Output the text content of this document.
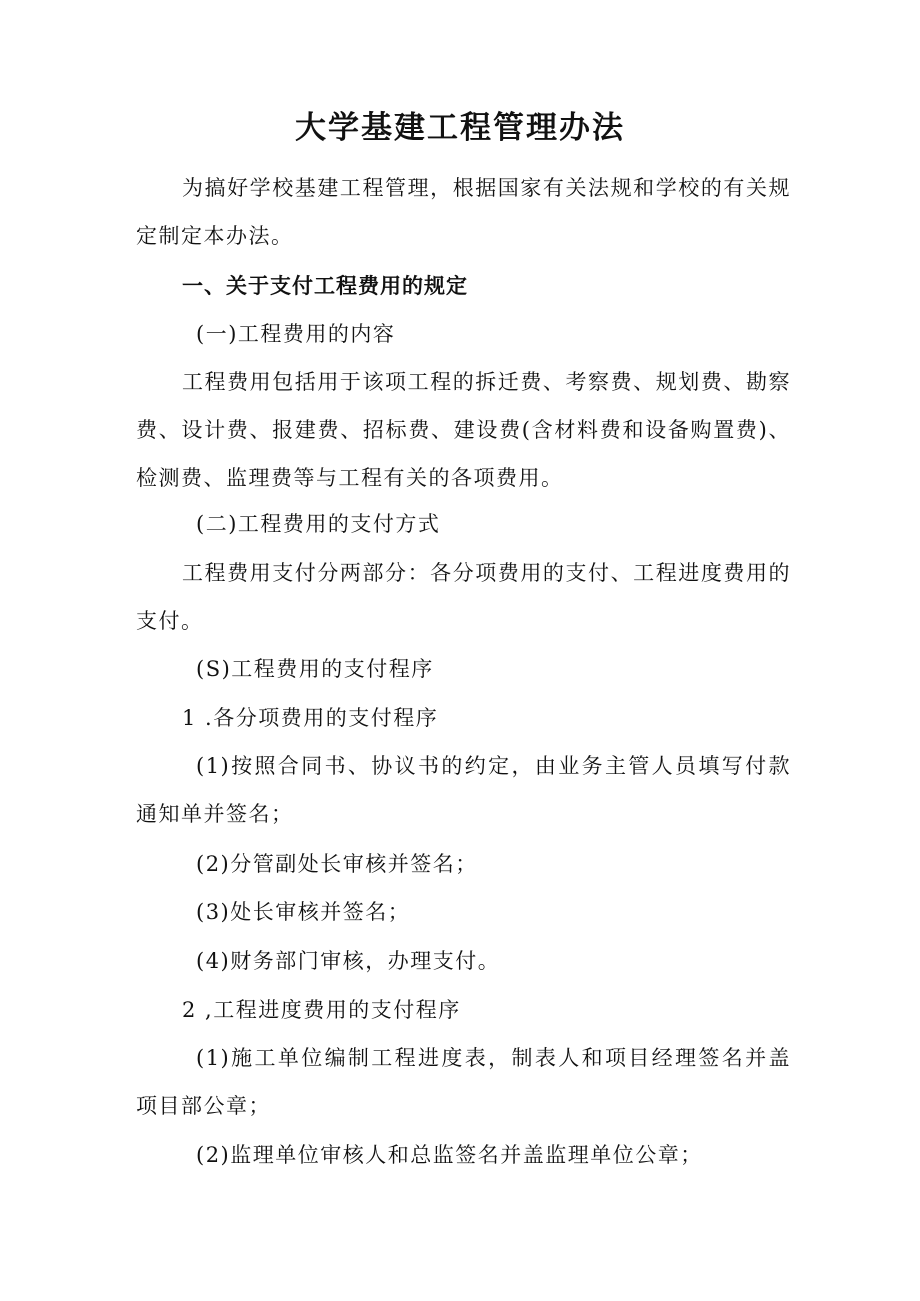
大学基建工程管理办法

为搞好学校基建工程管理，根据国家有关法规和学校的有关规定制定本办法。

一、关于支付工程费用的规定

(一)工程费用的内容

工程费用包括用于该项工程的拆迁费、考察费、规划费、勘察费、设计费、报建费、招标费、建设费(含材料费和设备购置费)、检测费、监理费等与工程有关的各项费用。

(二)工程费用的支付方式

工程费用支付分两部分：各分项费用的支付、工程进度费用的支付。

(S)工程费用的支付程序

1 .各分项费用的支付程序

(1)按照合同书、协议书的约定，由业务主管人员填写付款通知单并签名；

(2)分管副处长审核并签名；

(3)处长审核并签名；

(4)财务部门审核，办理支付。

2 ,工程进度费用的支付程序

(1)施工单位编制工程进度表，制表人和项目经理签名并盖项目部公章；

(2)监理单位审核人和总监签名并盖监理单位公章；
